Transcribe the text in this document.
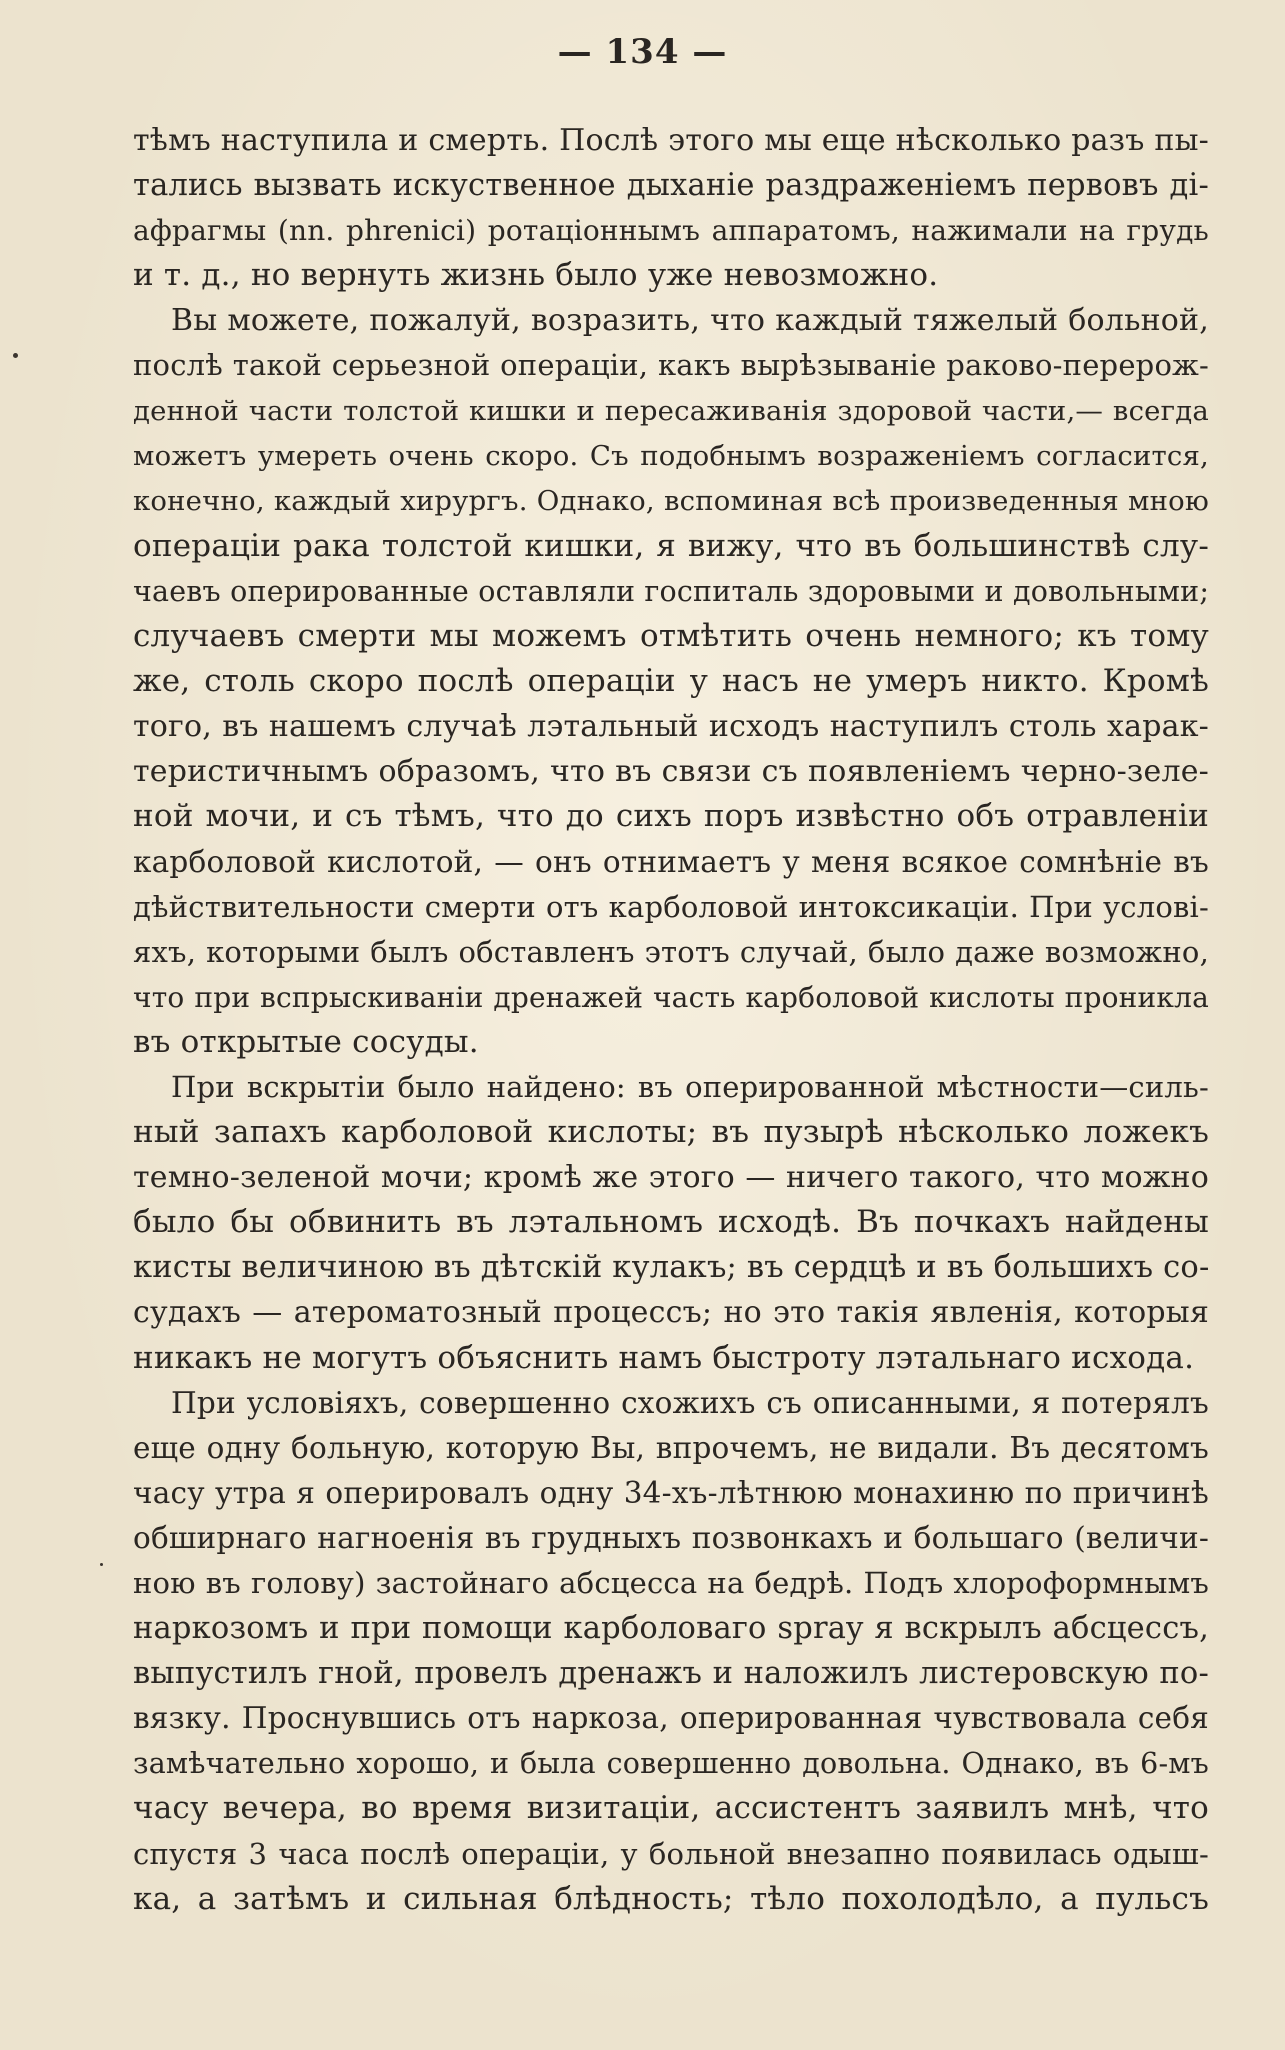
— 134 —
тѣмъ наступила и смерть. Послѣ этого мы еще нѣсколько разъ пы-
тались вызвать искуственное дыханіе раздраженіемъ первовъ ді-
афрагмы (nn. phrenici) ротаціоннымъ аппаратомъ, нажимали на грудь
и т. д., но вернуть жизнь было уже невозможно.
Вы можете, пожалуй, возразить, что каждый тяжелый больной,
послѣ такой серьезной операціи, какъ вырѣзываніе раково-перерож-
денной части толстой кишки и пересаживанія здоровой части,— всегда
можетъ умереть очень скоро. Съ подобнымъ возраженіемъ согласится,
конечно, каждый хирургъ. Однако, вспоминая всѣ произведенныя мною
операціи рака толстой кишки, я вижу, что въ большинствѣ слу-
чаевъ оперированные оставляли госпиталь здоровыми и довольными;
случаевъ смерти мы можемъ отмѣтить очень немного; къ тому
же, столь скоро послѣ операціи у насъ не умеръ никто. Кромѣ
того, въ нашемъ случаѣ лэтальный исходъ наступилъ столь харак-
теристичнымъ образомъ, что въ связи съ появленіемъ черно-зеле-
ной мочи, и съ тѣмъ, что до сихъ поръ извѣстно объ отравленіи
карболовой кислотой, — онъ отнимаетъ у меня всякое сомнѣніе въ
дѣйствительности смерти отъ карболовой интоксикаціи. При услові-
яхъ, которыми былъ обставленъ этотъ случай, было даже возможно,
что при вспрыскиваніи дренажей часть карболовой кислоты проникла
въ открытые сосуды.
При вскрытіи было найдено: въ оперированной мѣстности—силь-
ный запахъ карболовой кислоты; въ пузырѣ нѣсколько ложекъ
темно-зеленой мочи; кромѣ же этого — ничего такого, что можно
было бы обвинить въ лэтальномъ исходѣ. Въ почкахъ найдены
кисты величиною въ дѣтскій кулакъ; въ сердцѣ и въ большихъ со-
судахъ — атероматозный процессъ; но это такія явленія, которыя
никакъ не могутъ объяснить намъ быстроту лэтальнаго исхода.
При условіяхъ, совершенно схожихъ съ описанными, я потерялъ
еще одну больную, которую Вы, впрочемъ, не видали. Въ десятомъ
часу утра я оперировалъ одну 34-хъ-лѣтнюю монахиню по причинѣ
обширнаго нагноенія въ грудныхъ позвонкахъ и большаго (величи-
ною въ голову) застойнаго абсцесса на бедрѣ. Подъ хлороформнымъ
наркозомъ и при помощи карболоваго spray я вскрылъ абсцессъ,
выпустилъ гной, провелъ дренажъ и наложилъ листеровскую по-
вязку. Проснувшись отъ наркоза, оперированная чувствовала себя
замѣчательно хорошо, и была совершенно довольна. Однако, въ 6-мъ
часу вечера, во время визитаціи, ассистентъ заявилъ мнѣ, что
спустя 3 часа послѣ операціи, у больной внезапно появилась одыш-
ка, а затѣмъ и сильная блѣдность; тѣло похолодѣло, а пульсъ
